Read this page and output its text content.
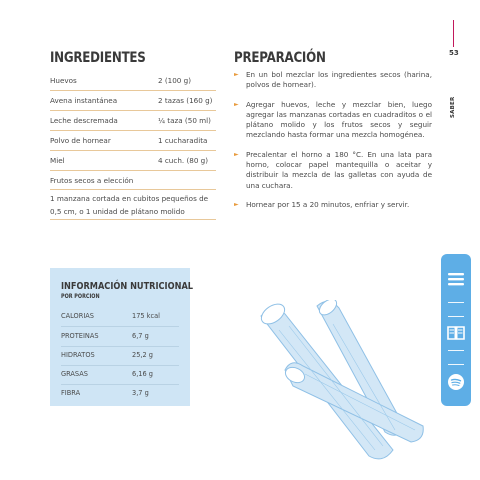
INGREDIENTES	PREPARACIÓN
Huevos	2 (100 g)
Avena instantánea	2 tazas (160 g)
Leche descremada	¼ taza (50 ml)
Polvo de hornear	1 cucharadita
Miel	4 cuch. (80 g)
Frutos secos a elección
1 manzana cortada en cubitos pequeños de 0,5 cm, o 1 unidad de plátano molido
► En un bol mezclar los ingredientes secos (harina, polvos de hornear).
► Agregar huevos, leche y mezclar bien, luego agregar las manzanas cortadas en cuadraditos o el plátano molido y los frutos secos y seguir mezclando hasta formar una mezcla homogénea.
► Precalentar el horno a 180 °C. En una lata para horno, colocar papel mantequilla o aceitar y distribuir la mezcla de las galletas con ayuda de una cuchara.
► Hornear por 15 a 20 minutos, enfriar y servir.
53
SABER
INFORMACIÓN NUTRICIONAL
POR PORCIÓN
CALORIAS	175 kcal
PROTEINAS	6,7 g
HIDRATOS	25,2 g
GRASAS	6,16 g
FIBRA	3,7 g
